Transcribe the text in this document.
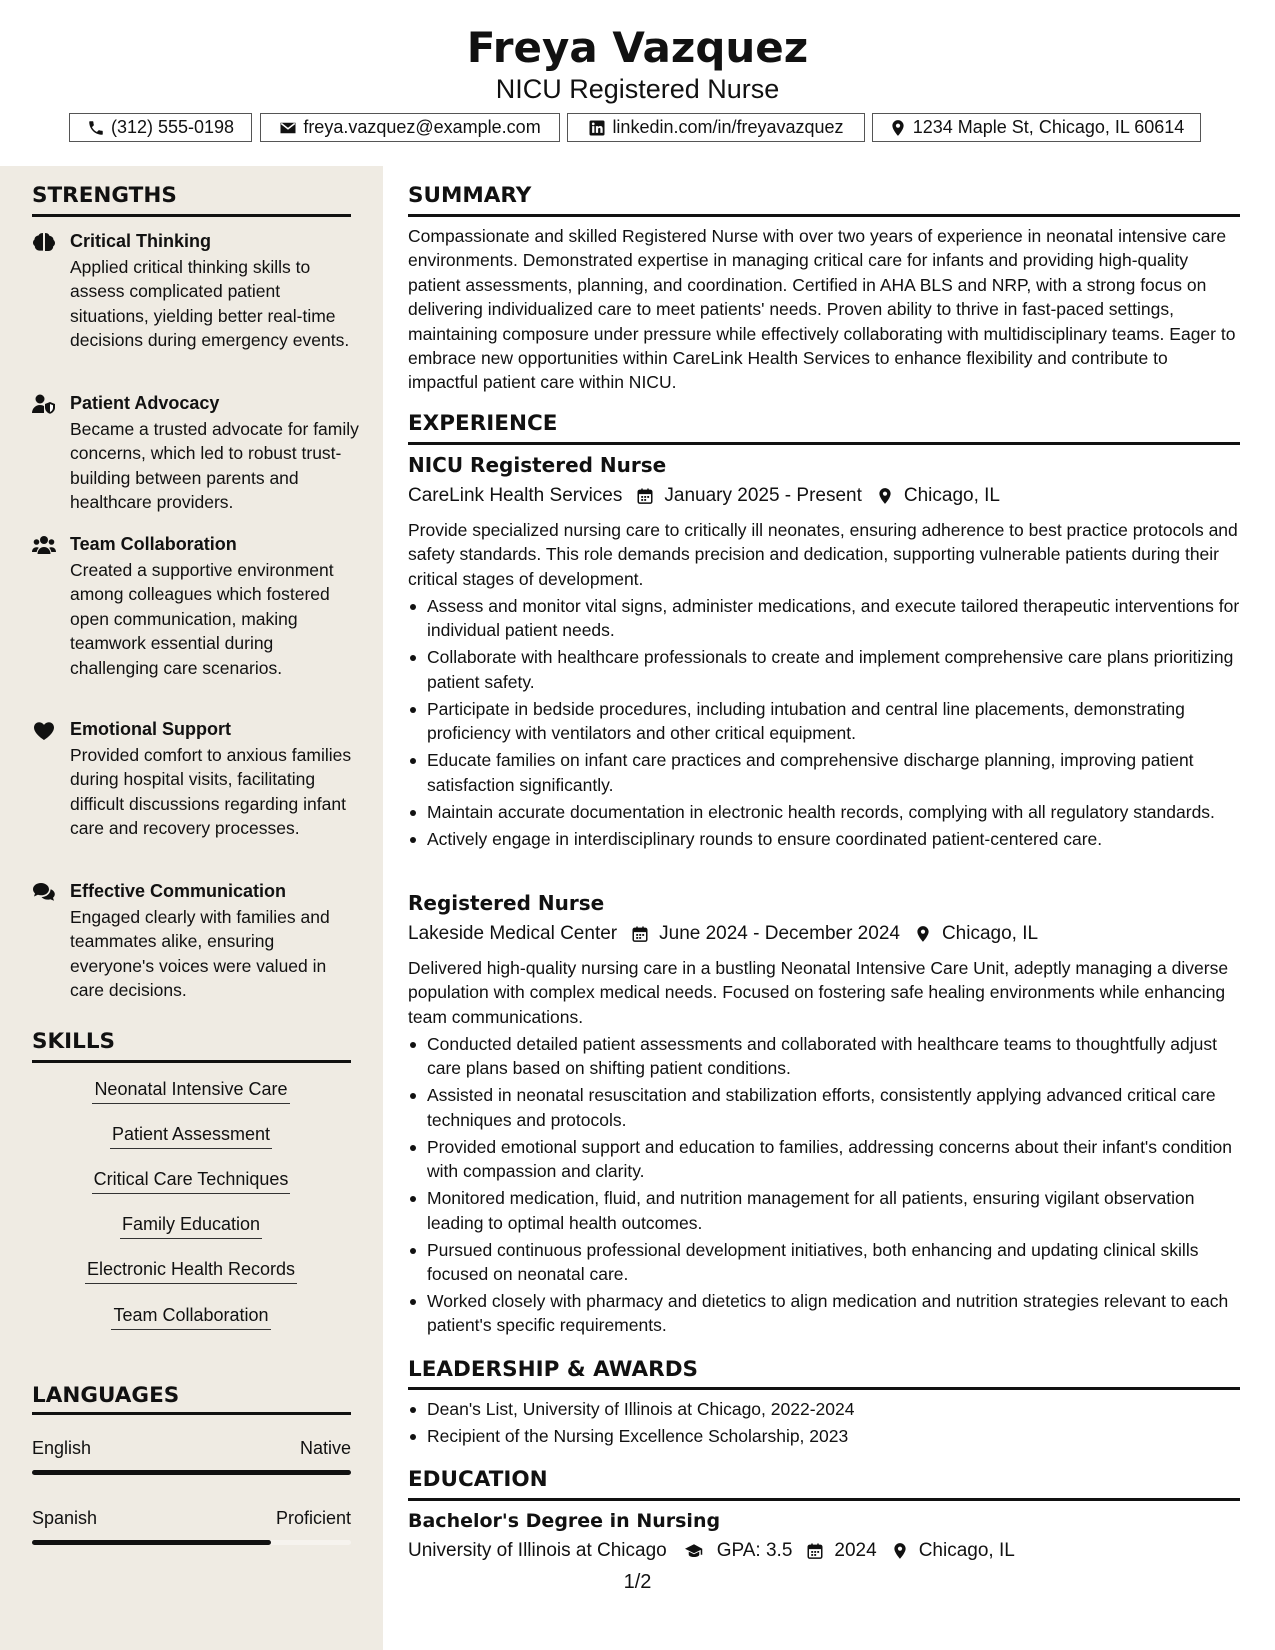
Freya Vazquez
NICU Registered Nurse
(312) 555-0198	freya.vazquez@example.com	linkedin.com/in/freyavazquez	1234 Maple St, Chicago, IL 60614
STRENGTHS
Critical Thinking
Applied critical thinking skills to assess complicated patient situations, yielding better real-time decisions during emergency events.
Patient Advocacy
Became a trusted advocate for family concerns, which led to robust trust-building between parents and healthcare providers.
Team Collaboration
Created a supportive environment among colleagues which fostered open communication, making teamwork essential during challenging care scenarios.
Emotional Support
Provided comfort to anxious families during hospital visits, facilitating difficult discussions regarding infant care and recovery processes.
Effective Communication
Engaged clearly with families and teammates alike, ensuring everyone's voices were valued in care decisions.
SKILLS
Neonatal Intensive Care
Patient Assessment
Critical Care Techniques
Family Education
Electronic Health Records
Team Collaboration
LANGUAGES
English	Native
Spanish	Proficient
SUMMARY
Compassionate and skilled Registered Nurse with over two years of experience in neonatal intensive care environments. Demonstrated expertise in managing critical care for infants and providing high-quality patient assessments, planning, and coordination. Certified in AHA BLS and NRP, with a strong focus on delivering individualized care to meet patients' needs. Proven ability to thrive in fast-paced settings, maintaining composure under pressure while effectively collaborating with multidisciplinary teams. Eager to embrace new opportunities within CareLink Health Services to enhance flexibility and contribute to impactful patient care within NICU.
EXPERIENCE
NICU Registered Nurse
CareLink Health Services January 2025 - Present Chicago, IL
Provide specialized nursing care to critically ill neonates, ensuring adherence to best practice protocols and safety standards. This role demands precision and dedication, supporting vulnerable patients during their critical stages of development.
Assess and monitor vital signs, administer medications, and execute tailored therapeutic interventions for individual patient needs.
Collaborate with healthcare professionals to create and implement comprehensive care plans prioritizing patient safety.
Participate in bedside procedures, including intubation and central line placements, demonstrating proficiency with ventilators and other critical equipment.
Educate families on infant care practices and comprehensive discharge planning, improving patient satisfaction significantly.
Maintain accurate documentation in electronic health records, complying with all regulatory standards.
Actively engage in interdisciplinary rounds to ensure coordinated patient-centered care.
Registered Nurse
Lakeside Medical Center June 2024 - December 2024 Chicago, IL
Delivered high-quality nursing care in a bustling Neonatal Intensive Care Unit, adeptly managing a diverse population with complex medical needs. Focused on fostering safe healing environments while enhancing team communications.
Conducted detailed patient assessments and collaborated with healthcare teams to thoughtfully adjust care plans based on shifting patient conditions.
Assisted in neonatal resuscitation and stabilization efforts, consistently applying advanced critical care techniques and protocols.
Provided emotional support and education to families, addressing concerns about their infant's condition with compassion and clarity.
Monitored medication, fluid, and nutrition management for all patients, ensuring vigilant observation leading to optimal health outcomes.
Pursued continuous professional development initiatives, both enhancing and updating clinical skills focused on neonatal care.
Worked closely with pharmacy and dietetics to align medication and nutrition strategies relevant to each patient's specific requirements.
LEADERSHIP & AWARDS
Dean's List, University of Illinois at Chicago, 2022-2024
Recipient of the Nursing Excellence Scholarship, 2023
EDUCATION
Bachelor's Degree in Nursing
University of Illinois at Chicago	GPA: 3.5 2024 Chicago, IL
1/2
